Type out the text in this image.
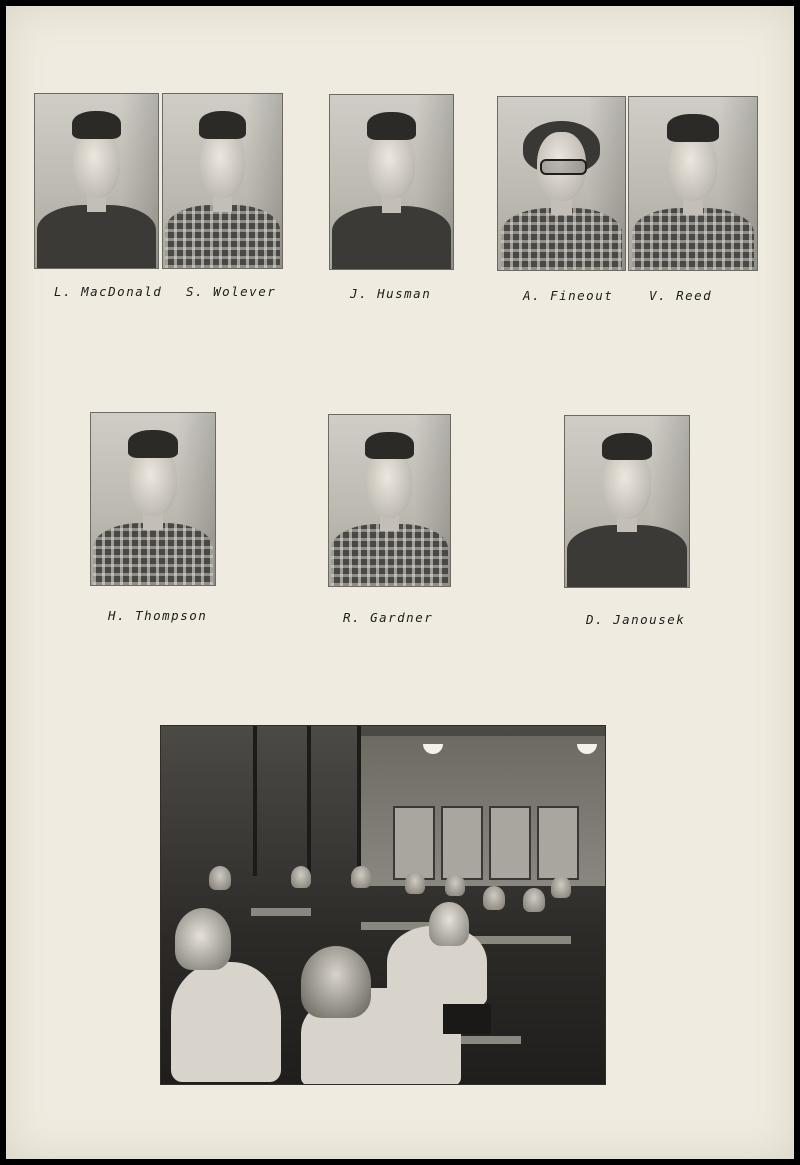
L. MacDonald S. Wolever	J. Husman	A. Fineout	V. Reed
H. Thompson	R. Gardner	D. Janousek
